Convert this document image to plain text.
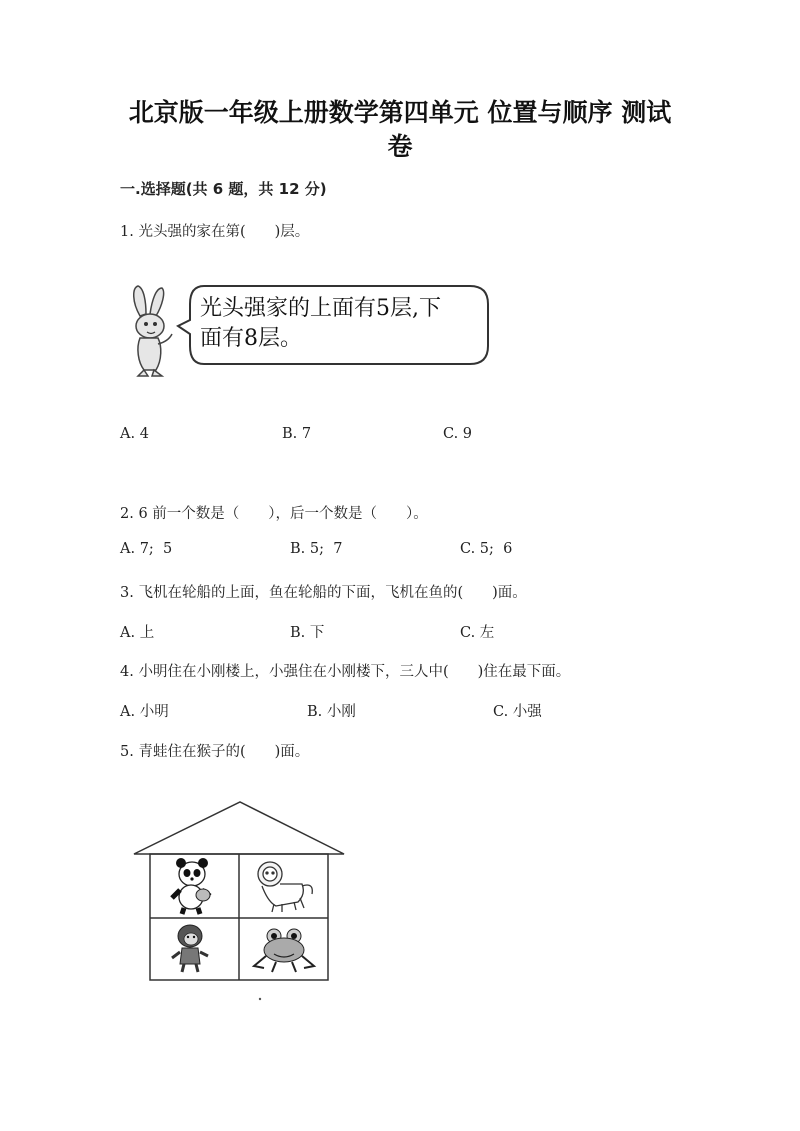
北京版一年级上册数学第四单元 位置与顺序 测试
卷
一.选择题(共 6 题，共 12 分)
1. 光头强的家在第(　　)层。
光头强家的上面有5层,下
面有8层。
A. 4	B. 7	C. 9
2. 6 前一个数是（　　），后一个数是（　　）。
A. 7;  5	B. 5;  7	C. 5;  6
3. 飞机在轮船的上面，鱼在轮船的下面，飞机在鱼的(　　)面。
A. 上	B. 下	C. 左
4. 小明住在小刚楼上，小强住在小刚楼下，三人中(　　)住在最下面。
A. 小明	B. 小刚	C. 小强
5. 青蛙住在猴子的(　　)面。
